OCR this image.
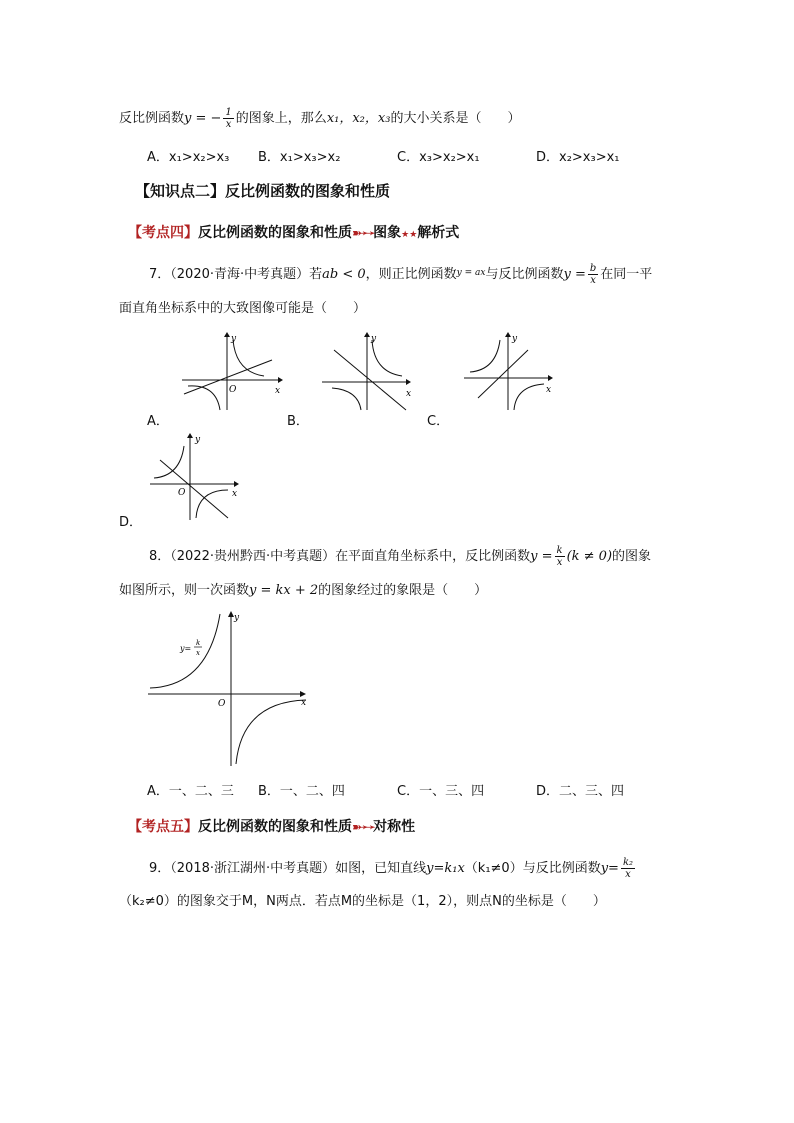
反比例函数y = − $\frac{1}{x}$ 的图象上，那么x₁，x₂，x₃的大小关系是（　　）
A．x₁>x₂>x₃ B．x₁>x₃>x₂	C．x₃>x₂>x₁	D．x₂>x₃>x₁
【知识点二】反比例函数的图象和性质
【考点四】反比例函数的图象和性质➽➛➛图象★★解析式
7．（2020·青海·中考真题）若ab < 0，则正比例函数$^{y = ax}$与反比例函数$y = \frac{b}{x}$ 在同一平
面直角坐标系中的大致图像可能是（　　）
x
y
O
A．
x
y
B．
x
y
C．
x
y
O
D．
8．（2022·贵州黔西·中考真题）在平面直角坐标系中，反比例函数$y = \frac{k}{x} (k \ne 0)$的图象
如图所示，则一次函数y = kx + 2的图象经过的象限是（　　）
x
y
O
y=
k
x
A．一、二、三 B．一、二、四	C．一、三、四	D．二、三、四
【考点五】反比例函数的图象和性质➽➛➛对称性
9．（2018·浙江湖州·中考真题）如图，已知直线y=k₁x（k₁≠0）与反比例函数$y= \frac{\text{k₂}}{x}$
（k₂≠0）的图象交于M，N两点．若点M的坐标是（1，2），则点N的坐标是（　　）
